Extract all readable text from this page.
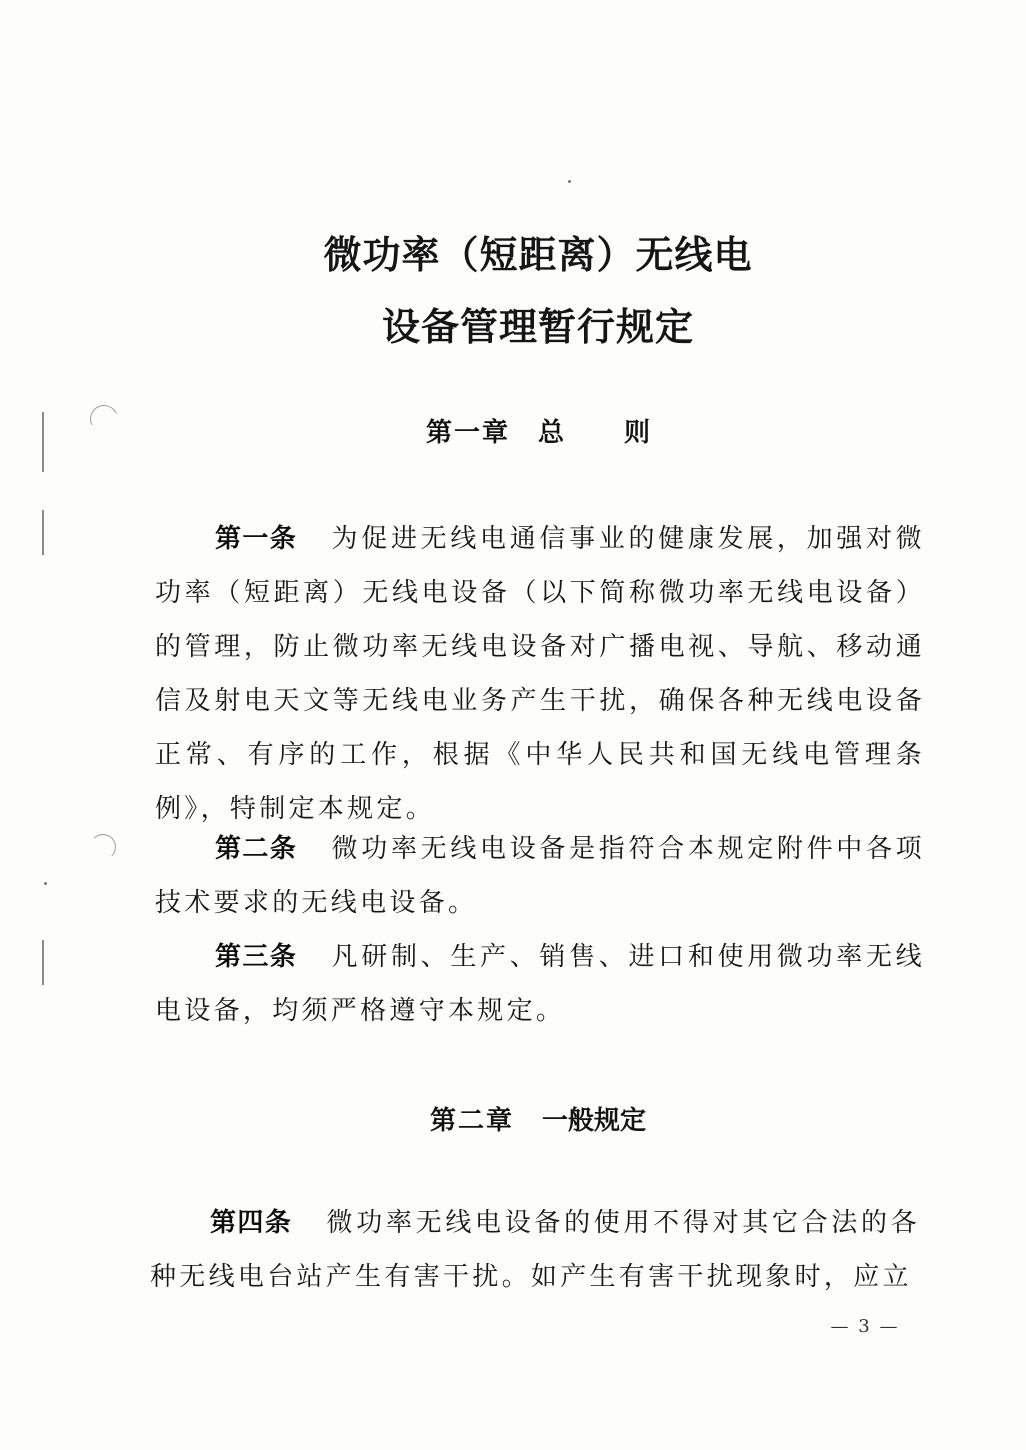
微功率（短距离）无线电
设备管理暂行规定
第一章 总 则
第一条 为促进无线电通信事业的健康发展，加强对微功率（短距离）无线电设备（以下简称微功率无线电设备）的管理，防止微功率无线电设备对广播电视、导航、移动通信及射电天文等无线电业务产生干扰，确保各种无线电设备正常、有序的工作，根据《中华人民共和国无线电管理条例》，特制定本规定。
第二条 微功率无线电设备是指符合本规定附件中各项技术要求的无线电设备。
第三条 凡研制、生产、销售、进口和使用微功率无线电设备，均须严格遵守本规定。
第二章 一般规定
第四条 微功率无线电设备的使用不得对其它合法的各种无线电台站产生有害干扰。如产生有害干扰现象时，应立
— 3 —
